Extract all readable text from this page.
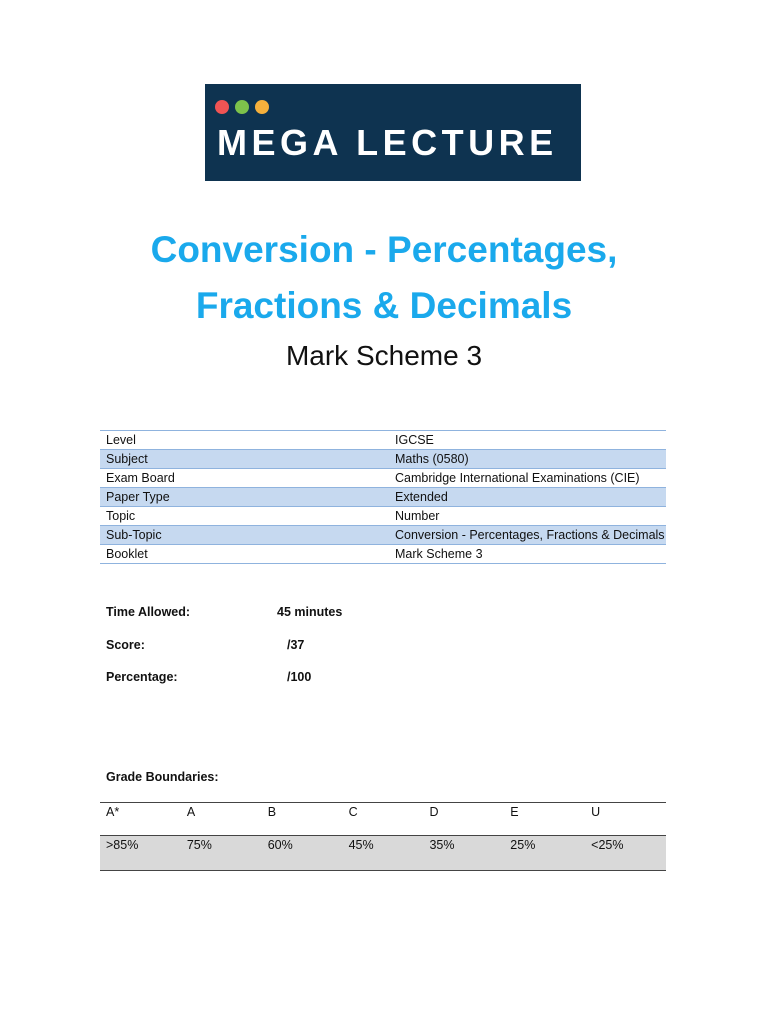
MEGA LECTURE
Conversion - Percentages,
Fractions & Decimals
Mark Scheme 3
Level	IGCSE
Subject	Maths (0580)
Exam Board	Cambridge International Examinations (CIE)
Paper Type	Extended
Topic	Number
Sub-Topic	Conversion - Percentages, Fractions & Decimals
Booklet	Mark Scheme 3
Time Allowed:	45 minutes
Score:	/37
Percentage:	/100
Grade Boundaries:
A*	A	B	C	D	E	U
>85%	75%	60%	45%	35%	25%	<25%
